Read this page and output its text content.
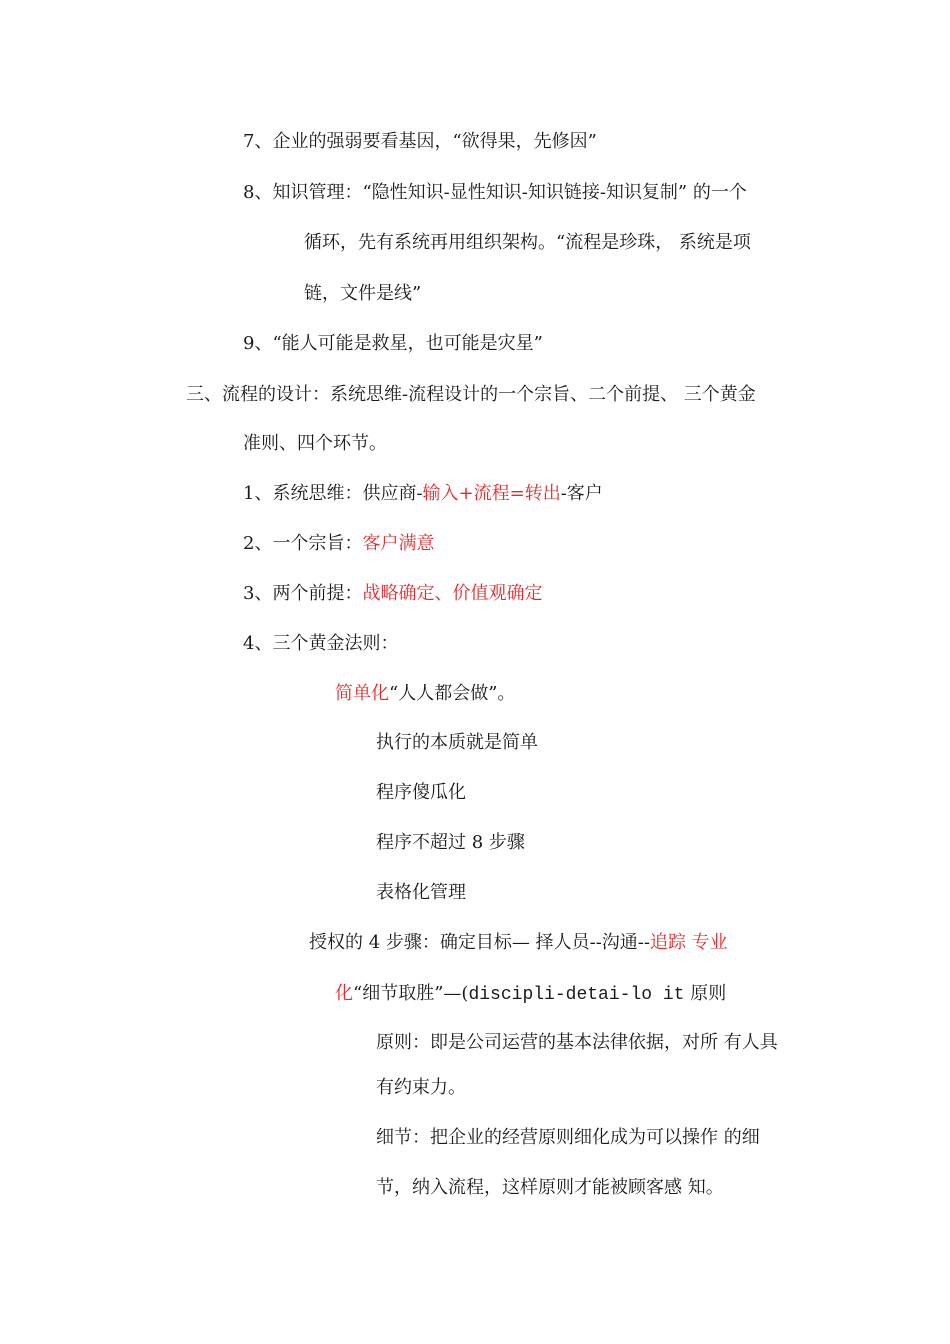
7、企业的强弱要看基因，“欲得果，先修因”
8、知识管理：“隐性知识-显性知识-知识链接-知识复制” 的一个
循环，先有系统再用组织架构。“流程是珍珠， 系统是项
链，文件是线”
9、“能人可能是救星，也可能是灾星”
三、流程的设计：系统思维-流程设计的一个宗旨、二个前提、 三个黄金
准则、四个环节。
1、系统思维：供应商-输入+流程=转出-客户
2、一个宗旨：客户满意
3、两个前提：战略确定、价值观确定
4、三个黄金法则：
简单化“人人都会做”。
执行的本质就是简单
程序傻瓜化
程序不超过 8 步骤
表格化管理
授权的 4 步骤：确定目标— 择人员--沟通--追踪 专业
化“细节取胜”—(discipli-detai-lo it 原则
原则：即是公司运营的基本法律依据，对所 有人具
有约束力。
细节：把企业的经营原则细化成为可以操作 的细
节，纳入流程，这样原则才能被顾客感 知。
